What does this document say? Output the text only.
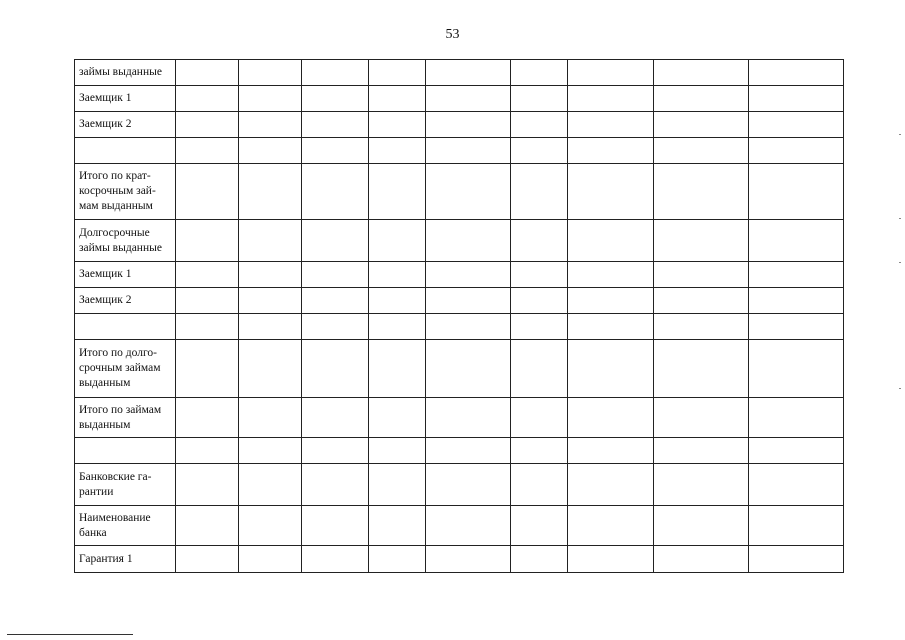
53
займы выданные									
Заемщик 1									
Заемщик 2									

Итого по крат-
косрочным зай-
мам выданным									
Долгосрочные
займы выданные									
Заемщик 1									
Заемщик 2									

Итого по долго-
срочным займам
выданным									
Итого по займам
выданным									

Банковские га-
рантии									
Наименование
банка									
Гарантия 1									
